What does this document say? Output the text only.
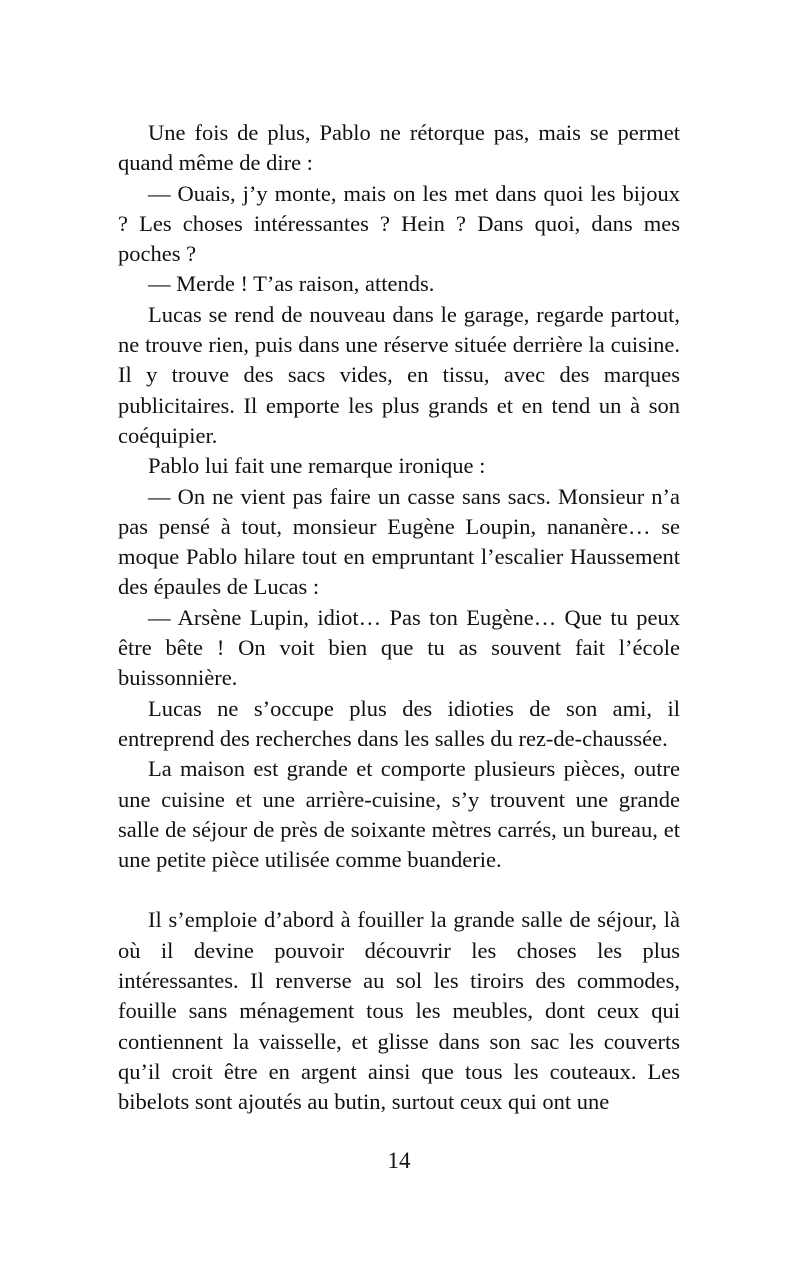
Une fois de plus, Pablo ne rétorque pas, mais se permet quand même de dire :

— Ouais, j’y monte, mais on les met dans quoi les bijoux ? Les choses intéressantes ? Hein ? Dans quoi, dans mes poches ?

— Merde ! T’as raison, attends.

Lucas se rend de nouveau dans le garage, regarde partout, ne trouve rien, puis dans une réserve située derrière la cuisine. Il y trouve des sacs vides, en tissu, avec des marques publicitaires. Il emporte les plus grands et en tend un à son coéquipier.

Pablo lui fait une remarque ironique :

— On ne vient pas faire un casse sans sacs. Monsieur n’a pas pensé à tout, monsieur Eugène Loupin, nananère… se moque Pablo hilare tout en empruntant l’escalier Haussement des épaules de Lucas :

— Arsène Lupin, idiot… Pas ton Eugène… Que tu peux être bête ! On voit bien que tu as souvent fait l’école buissonnière.

Lucas ne s’occupe plus des idioties de son ami, il entreprend des recherches dans les salles du rez-de-chaussée.

La maison est grande et comporte plusieurs pièces, outre une cuisine et une arrière-cuisine, s’y trouvent une grande salle de séjour de près de soixante mètres carrés, un bureau, et une petite pièce utilisée comme buanderie.

Il s’emploie d’abord à fouiller la grande salle de séjour, là où il devine pouvoir découvrir les choses les plus intéressantes. Il renverse au sol les tiroirs des commodes, fouille sans ménagement tous les meubles, dont ceux qui contiennent la vaisselle, et glisse dans son sac les couverts qu’il croit être en argent ainsi que tous les couteaux. Les bibelots sont ajoutés au butin, surtout ceux qui ont une

14
